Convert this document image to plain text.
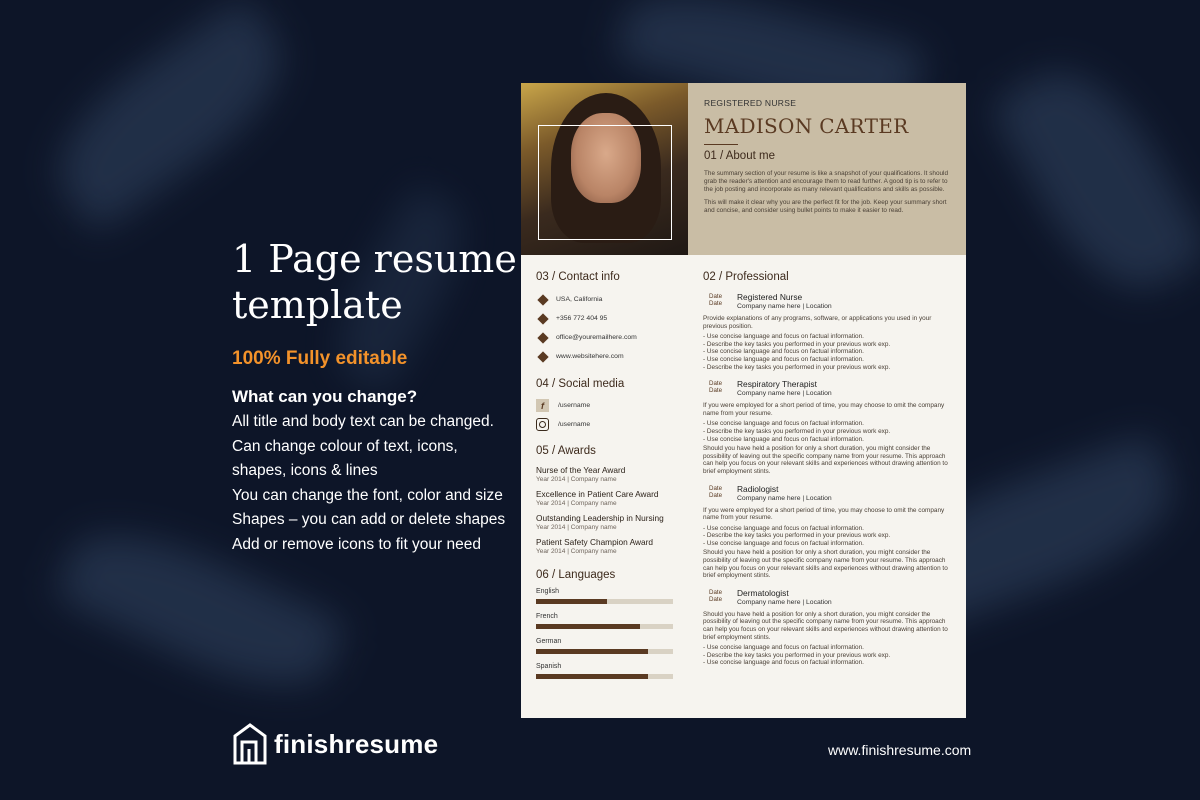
1 Page resume template
100% Fully editable
What can you change?
All title and body text can be changed.
Can change colour of text, icons,
shapes, icons & lines
You can change the font, color and size
Shapes – you can add or delete shapes
Add or remove icons to fit your need
finishresume	www.finishresume.com
REGISTERED NURSE
MADISON CARTER
01 / About me

The summary section of your resume is like a snapshot of your qualifications. It should grab the reader's attention and encourage them to read further. A good tip is to refer to the job posting and incorporate as many relevant qualifications and skills as possible.

This will make it clear why you are the perfect fit for the job. Keep your summary short and concise, and consider using bullet points to make it easier to read.

03 / Contact info
USA, California
+356 772 404 95
office@youremailhere.com
www.websitehere.com
04 / Social media
f	/username
/username
05 / Awards
Nurse of the Year Award
Year 2014 | Company name
Excellence in Patient Care Award
Year 2014 | Company name
Outstanding Leadership in Nursing
Year 2014 | Company name
Patient Safety Champion Award
Year 2014 | Company name
06 / Languages
English
French
German
Spanish
02 / Professional
Date
Date
Registered Nurse
Company name here | Location
Provide explanations of any programs, software, or applications you used in your previous position.
- Use concise language and focus on factual information.
- Describe the key tasks you performed in your previous work exp.
- Use concise language and focus on factual information.
- Use concise language and focus on factual information.
- Describe the key tasks you performed in your previous work exp.
Date
Date
Respiratory Therapist
Company name here | Location
If you were employed for a short period of time, you may choose to omit the company name from your resume.
- Use concise language and focus on factual information.
- Describe the key tasks you performed in your previous work exp.
- Use concise language and focus on factual information.
Should you have held a position for only a short duration, you might consider the possibility of leaving out the specific company name from your resume. This approach can help you focus on your relevant skills and experiences without drawing attention to brief employment stints.
Date
Date
Radiologist
Company name here | Location
If you were employed for a short period of time, you may choose to omit the company name from your resume.
- Use concise language and focus on factual information.
- Describe the key tasks you performed in your previous work exp.
- Use concise language and focus on factual information.
Should you have held a position for only a short duration, you might consider the possibility of leaving out the specific company name from your resume. This approach can help you focus on your relevant skills and experiences without drawing attention to brief employment stints.
Date
Date
Dermatologist
Company name here | Location
Should you have held a position for only a short duration, you might consider the possibility of leaving out the specific company name from your resume. This approach can help you focus on your relevant skills and experiences without drawing attention to brief employment stints.
- Use concise language and focus on factual information.
- Describe the key tasks you performed in your previous work exp.
- Use concise language and focus on factual information.
